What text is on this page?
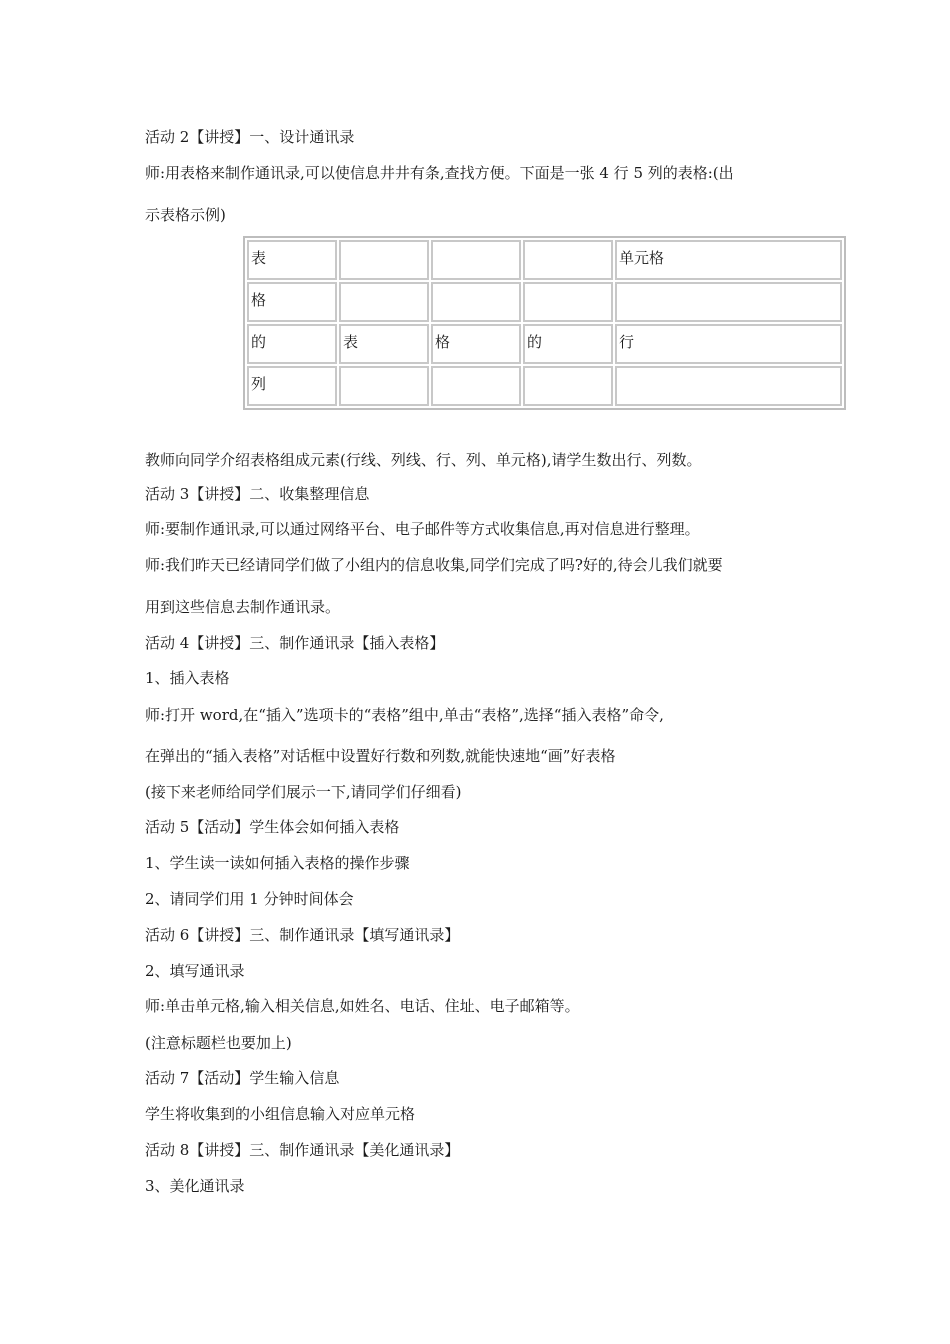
活动 2【讲授】一、设计通讯录
师:用表格来制作通讯录,可以使信息井井有条,查找方便。下面是一张 4 行 5 列的表格:(出
示表格示例)
表				单元格
格				
的	表	格	的	行
列				
教师向同学介绍表格组成元素(行线、列线、行、列、单元格),请学生数出行、列数。
活动 3【讲授】二、收集整理信息
师:要制作通讯录,可以通过网络平台、电子邮件等方式收集信息,再对信息进行整理。
师:我们昨天已经请同学们做了小组内的信息收集,同学们完成了吗?好的,待会儿我们就要
用到这些信息去制作通讯录。
活动 4【讲授】三、制作通讯录【插入表格】
1、插入表格
师:打开 word,在“插入”选项卡的“表格”组中,单击“表格”,选择“插入表格”命令,
在弹出的“插入表格”对话框中设置好行数和列数,就能快速地“画”好表格
(接下来老师给同学们展示一下,请同学们仔细看)
活动 5【活动】学生体会如何插入表格
1、学生读一读如何插入表格的操作步骤
2、请同学们用 1 分钟时间体会
活动 6【讲授】三、制作通讯录【填写通讯录】
2、填写通讯录
师:单击单元格,输入相关信息,如姓名、电话、住址、电子邮箱等。
(注意标题栏也要加上)
活动 7【活动】学生输入信息
学生将收集到的小组信息输入对应单元格
活动 8【讲授】三、制作通讯录【美化通讯录】
3、美化通讯录
